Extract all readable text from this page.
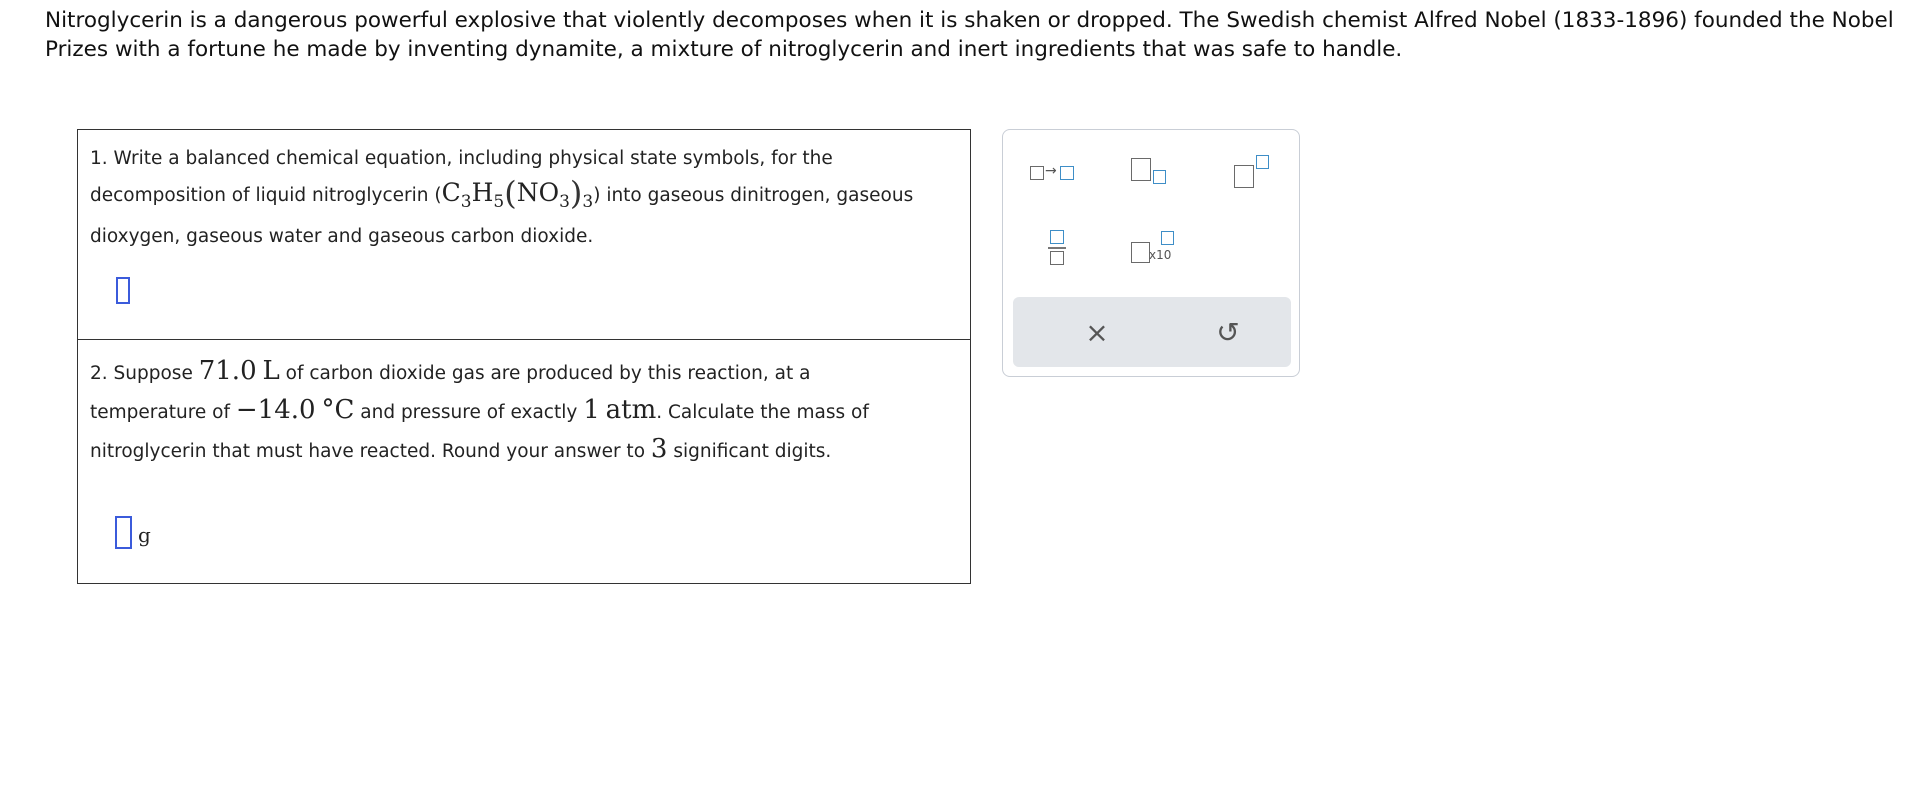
Nitroglycerin is a dangerous powerful explosive that violently decomposes when it is shaken or dropped. The Swedish chemist Alfred Nobel (1833-1896) founded the Nobel Prizes with a fortune he made by inventing dynamite, a mixture of nitroglycerin and inert ingredients that was safe to handle.
1. Write a balanced chemical equation, including physical state symbols, for the
decomposition of liquid nitroglycerin $(C_3H_5(NO_3)_3)$ into gaseous dinitrogen, gaseous
dioxygen, gaseous water and gaseous carbon dioxide.
2. Suppose 71.0 L of carbon dioxide gas are produced by this reaction, at a
temperature of −14.0 °C and pressure of exactly 1 atm. Calculate the mass of
nitroglycerin that must have reacted. Round your answer to 3 significant digits.
g
→
x10
×	↺
